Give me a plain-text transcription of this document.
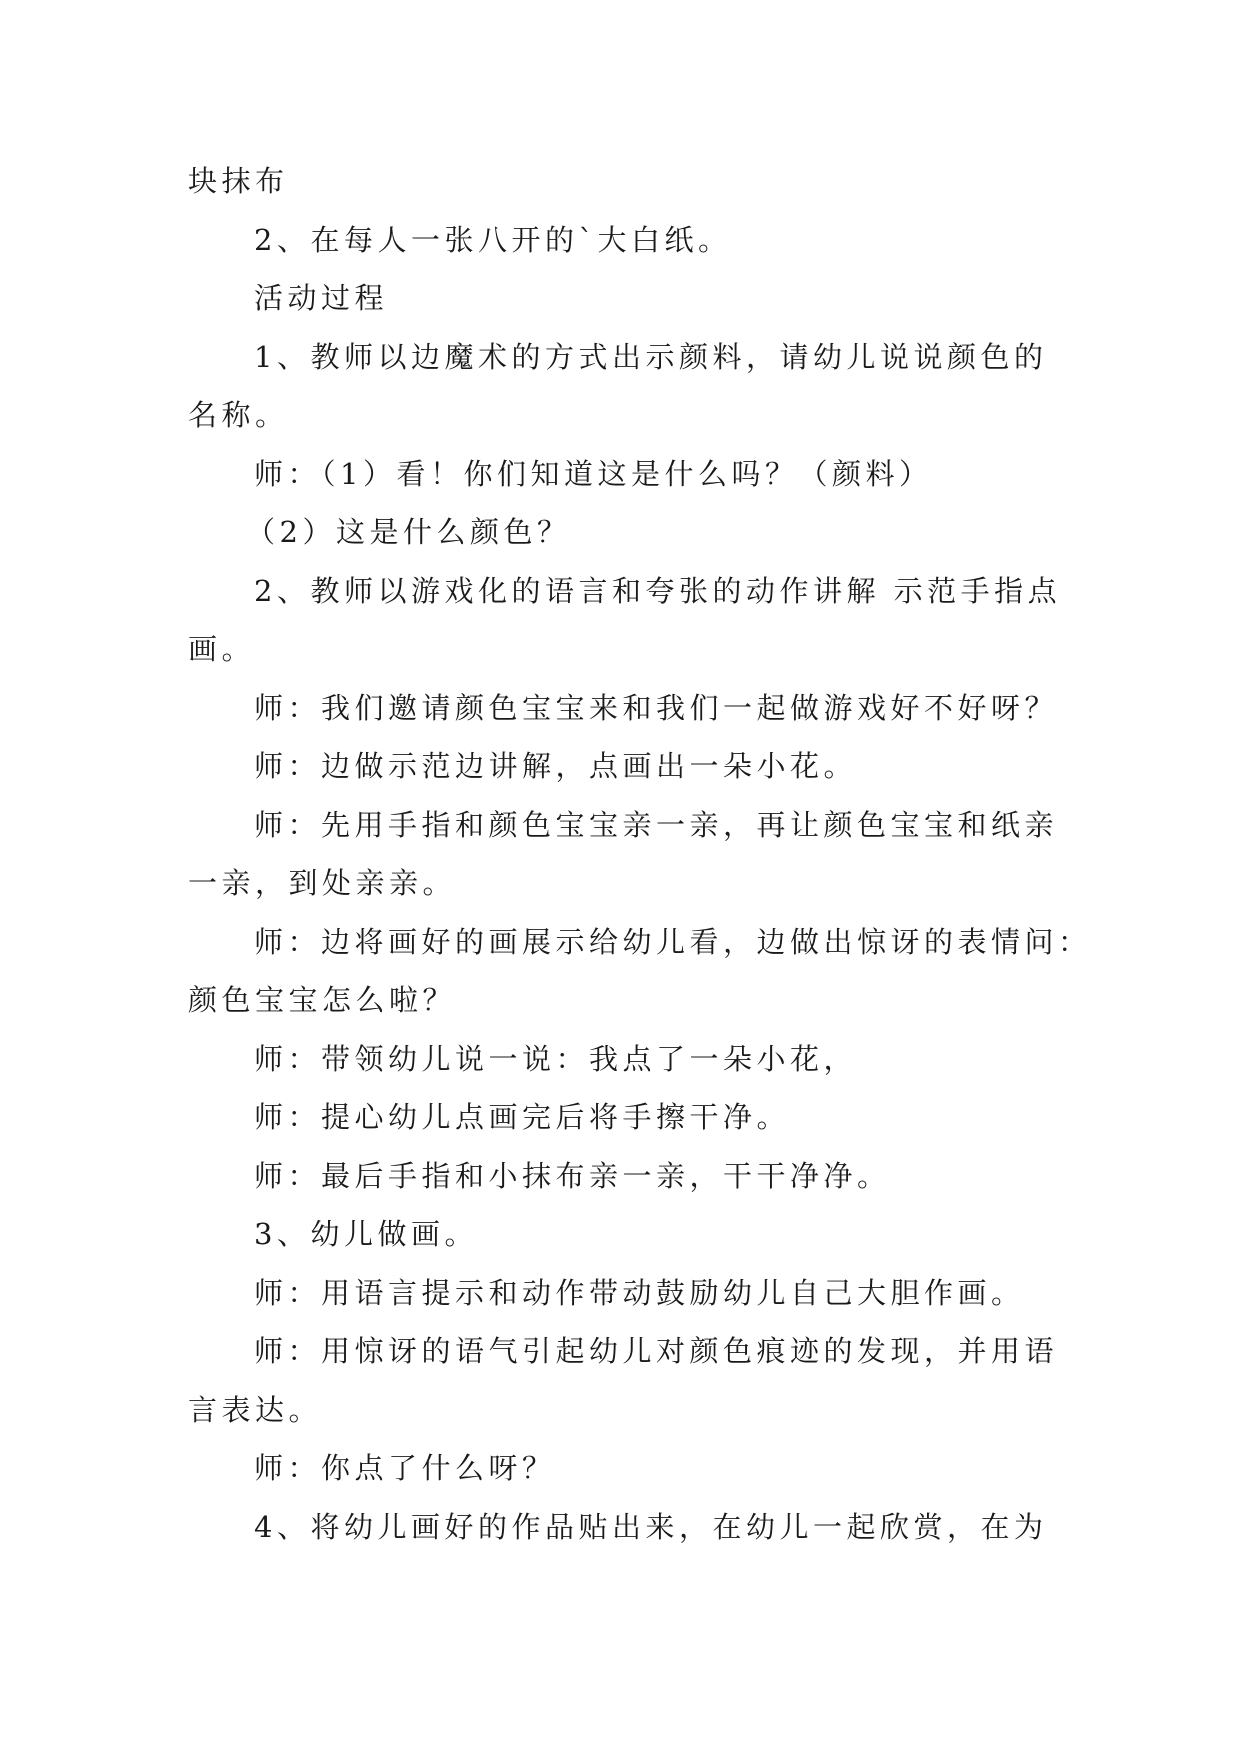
块抹布
2、在每人一张八开的`大白纸。
活动过程
1、教师以边魔术的方式出示颜料，请幼儿说说颜色的
名称。
师：（1）看！你们知道这是什么吗？（颜料）
（2）这是什么颜色？
2、教师以游戏化的语言和夸张的动作讲解 示范手指点
画。
师：我们邀请颜色宝宝来和我们一起做游戏好不好呀？
师：边做示范边讲解，点画出一朵小花。
师：先用手指和颜色宝宝亲一亲，再让颜色宝宝和纸亲
一亲，到处亲亲。
师：边将画好的画展示给幼儿看，边做出惊讶的表情问：
颜色宝宝怎么啦？
师：带领幼儿说一说：我点了一朵小花，
师：提心幼儿点画完后将手擦干净。
师：最后手指和小抹布亲一亲，干干净净。
3、幼儿做画。
师：用语言提示和动作带动鼓励幼儿自己大胆作画。
师：用惊讶的语气引起幼儿对颜色痕迹的发现，并用语
言表达。
师：你点了什么呀？
4、将幼儿画好的作品贴出来，在幼儿一起欣赏，在为
